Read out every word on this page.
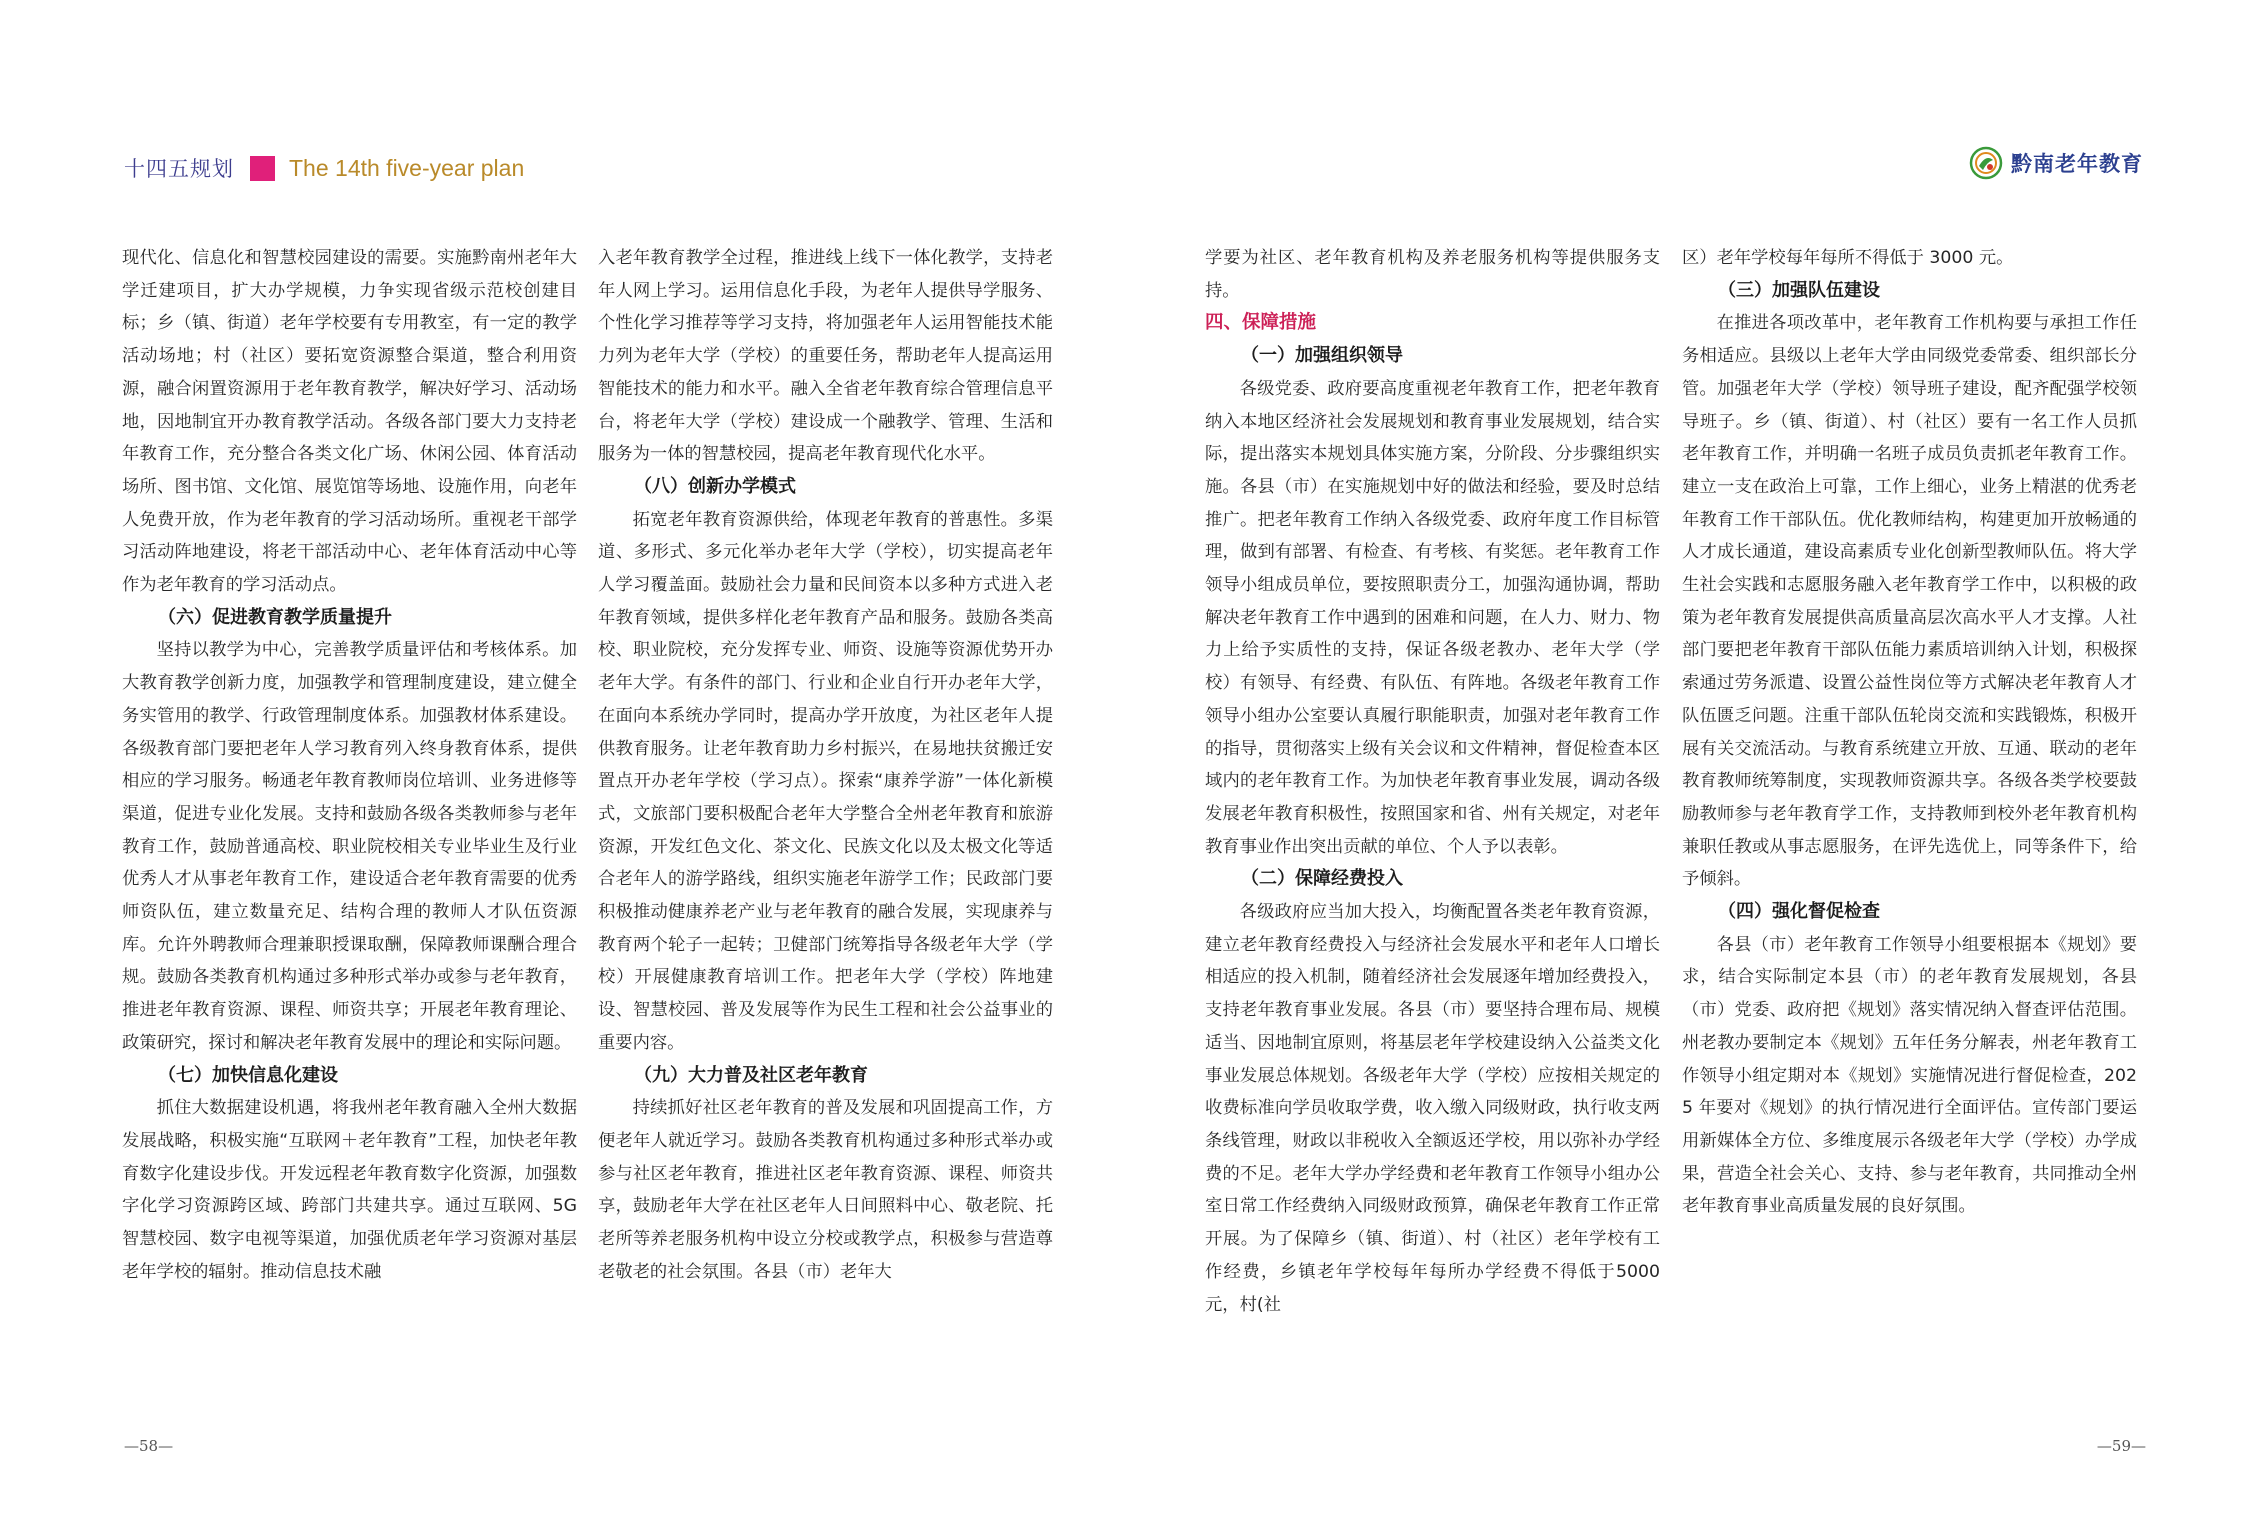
十四五规划 The 14th five-year plan

现代化、信息化和智慧校园建设的需要。实施黔南州老年大学迁建项目，扩大办学规模，力争实现省级示范校创建目标；乡（镇、街道）老年学校要有专用教室，有一定的教学活动场地；村（社区）要拓宽资源整合渠道，整合利用资源，融合闲置资源用于老年教育教学，解决好学习、活动场地，因地制宜开办教育教学活动。各级各部门要大力支持老年教育工作，充分整合各类文化广场、休闲公园、体育活动场所、图书馆、文化馆、展览馆等场地、设施作用，向老年人免费开放，作为老年教育的学习活动场所。重视老干部学习活动阵地建设，将老干部活动中心、老年体育活动中心等作为老年教育的学习活动点。

（六）促进教育教学质量提升

坚持以教学为中心，完善教学质量评估和考核体系。加大教育教学创新力度，加强教学和管理制度建设，建立健全务实管用的教学、行政管理制度体系。加强教材体系建设。各级教育部门要把老年人学习教育列入终身教育体系，提供相应的学习服务。畅通老年教育教师岗位培训、业务进修等渠道，促进专业化发展。支持和鼓励各级各类教师参与老年教育工作，鼓励普通高校、职业院校相关专业毕业生及行业优秀人才从事老年教育工作，建设适合老年教育需要的优秀师资队伍，建立数量充足、结构合理的教师人才队伍资源库。允许外聘教师合理兼职授课取酬，保障教师课酬合理合规。鼓励各类教育机构通过多种形式举办或参与老年教育，推进老年教育资源、课程、师资共享；开展老年教育理论、政策研究，探讨和解决老年教育发展中的理论和实际问题。

（七）加快信息化建设

抓住大数据建设机遇，将我州老年教育融入全州大数据发展战略，积极实施“互联网＋老年教育”工程，加快老年教育数字化建设步伐。开发远程老年教育数字化资源，加强数字化学习资源跨区域、跨部门共建共享。通过互联网、5G 智慧校园、数字电视等渠道，加强优质老年学习资源对基层老年学校的辐射。推动信息技术融

入老年教育教学全过程，推进线上线下一体化教学，支持老年人网上学习。运用信息化手段，为老年人提供导学服务、个性化学习推荐等学习支持，将加强老年人运用智能技术能力列为老年大学（学校）的重要任务，帮助老年人提高运用智能技术的能力和水平。融入全省老年教育综合管理信息平台，将老年大学（学校）建设成一个融教学、管理、生活和服务为一体的智慧校园，提高老年教育现代化水平。

（八）创新办学模式

拓宽老年教育资源供给，体现老年教育的普惠性。多渠道、多形式、多元化举办老年大学（学校），切实提高老年人学习覆盖面。鼓励社会力量和民间资本以多种方式进入老年教育领域，提供多样化老年教育产品和服务。鼓励各类高校、职业院校，充分发挥专业、师资、设施等资源优势开办老年大学。有条件的部门、行业和企业自行开办老年大学，在面向本系统办学同时，提高办学开放度，为社区老年人提供教育服务。让老年教育助力乡村振兴，在易地扶贫搬迁安置点开办老年学校（学习点）。探索“康养学游”一体化新模式，文旅部门要积极配合老年大学整合全州老年教育和旅游资源，开发红色文化、茶文化、民族文化以及太极文化等适合老年人的游学路线，组织实施老年游学工作；民政部门要积极推动健康养老产业与老年教育的融合发展，实现康养与教育两个轮子一起转；卫健部门统筹指导各级老年大学（学校）开展健康教育培训工作。把老年大学（学校）阵地建设、智慧校园、普及发展等作为民生工程和社会公益事业的重要内容。

（九）大力普及社区老年教育

持续抓好社区老年教育的普及发展和巩固提高工作，方便老年人就近学习。鼓励各类教育机构通过多种形式举办或参与社区老年教育，推进社区老年教育资源、课程、师资共享，鼓励老年大学在社区老年人日间照料中心、敬老院、托老所等养老服务机构中设立分校或教学点，积极参与营造尊老敬老的社会氛围。各县（市）老年大

—58—
黔南老年教育

学要为社区、老年教育机构及养老服务机构等提供服务支持。

四、保障措施
（一）加强组织领导

各级党委、政府要高度重视老年教育工作，把老年教育纳入本地区经济社会发展规划和教育事业发展规划，结合实际，提出落实本规划具体实施方案，分阶段、分步骤组织实施。各县（市）在实施规划中好的做法和经验，要及时总结推广。把老年教育工作纳入各级党委、政府年度工作目标管理，做到有部署、有检查、有考核、有奖惩。老年教育工作领导小组成员单位，要按照职责分工，加强沟通协调，帮助解决老年教育工作中遇到的困难和问题，在人力、财力、物力上给予实质性的支持，保证各级老教办、老年大学（学校）有领导、有经费、有队伍、有阵地。各级老年教育工作领导小组办公室要认真履行职能职责，加强对老年教育工作的指导，贯彻落实上级有关会议和文件精神，督促检查本区域内的老年教育工作。为加快老年教育事业发展，调动各级发展老年教育积极性，按照国家和省、州有关规定，对老年教育事业作出突出贡献的单位、个人予以表彰。

（二）保障经费投入

各级政府应当加大投入，均衡配置各类老年教育资源，建立老年教育经费投入与经济社会发展水平和老年人口增长相适应的投入机制，随着经济社会发展逐年增加经费投入，支持老年教育事业发展。各县（市）要坚持合理布局、规模适当、因地制宜原则，将基层老年学校建设纳入公益类文化事业发展总体规划。各级老年大学（学校）应按相关规定的收费标准向学员收取学费，收入缴入同级财政，执行收支两条线管理，财政以非税收入全额返还学校，用以弥补办学经费的不足。老年大学办学经费和老年教育工作领导小组办公室日常工作经费纳入同级财政预算，确保老年教育工作正常开展。为了保障乡（镇、街道）、村（社区）老年学校有工作经费，乡镇老年学校每年每所办学经费不得低于5000元，村(社

区）老年学校每年每所不得低于 3000 元。

（三）加强队伍建设

在推进各项改革中，老年教育工作机构要与承担工作任务相适应。县级以上老年大学由同级党委常委、组织部长分管。加强老年大学（学校）领导班子建设，配齐配强学校领导班子。乡（镇、街道）、村（社区）要有一名工作人员抓老年教育工作，并明确一名班子成员负责抓老年教育工作。建立一支在政治上可靠，工作上细心，业务上精湛的优秀老年教育工作干部队伍。优化教师结构，构建更加开放畅通的人才成长通道，建设高素质专业化创新型教师队伍。将大学生社会实践和志愿服务融入老年教育学工作中，以积极的政策为老年教育发展提供高质量高层次高水平人才支撑。人社部门要把老年教育干部队伍能力素质培训纳入计划，积极探索通过劳务派遣、设置公益性岗位等方式解决老年教育人才队伍匮乏问题。注重干部队伍轮岗交流和实践锻炼，积极开展有关交流活动。与教育系统建立开放、互通、联动的老年教育教师统筹制度，实现教师资源共享。各级各类学校要鼓励教师参与老年教育学工作，支持教师到校外老年教育机构兼职任教或从事志愿服务，在评先选优上，同等条件下，给予倾斜。

（四）强化督促检查

各县（市）老年教育工作领导小组要根据本《规划》要求，结合实际制定本县（市）的老年教育发展规划，各县（市）党委、政府把《规划》落实情况纳入督查评估范围。州老教办要制定本《规划》五年任务分解表，州老年教育工作领导小组定期对本《规划》实施情况进行督促检查，2025 年要对《规划》的执行情况进行全面评估。宣传部门要运用新媒体全方位、多维度展示各级老年大学（学校）办学成果，营造全社会关心、支持、参与老年教育，共同推动全州老年教育事业高质量发展的良好氛围。

—59—
